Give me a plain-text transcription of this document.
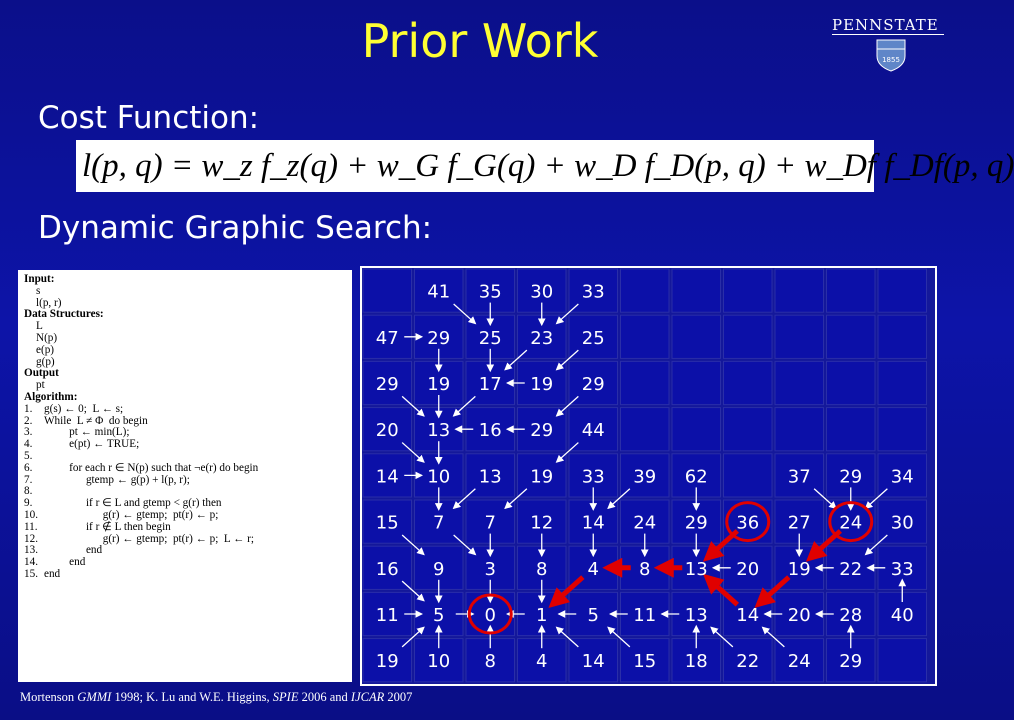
Prior Work	PENNSTATE
1855
Cost Function:
l(p, q) = w_z f_z(q) + w_G f_G(q) + w_D f_D(p, q) + w_Df f_Df(p, q)
Dynamic Graphic Search:
Input:
s
l(p, r)
Data Structures:
L
N(p)
e(p)
g(p)
Output
pt
Algorithm:
1. g(s) ← 0;  L ← s;
2. While  L ≠ Φ  do begin
3.         pt ← min(L);
4.         e(pt) ← TRUE;
5.
6.         for each r ∈ N(p) such that ¬e(r) do begin
7.               gtemp ← g(p) + l(p, r);
8.
9.               if r ∈ L and gtemp < g(r) then
10.                     g(r) ← gtemp;  pt(r) ← p;
11.               if r ∉ L then begin
12.                     g(r) ← gtemp;  pt(r) ← p;  L ← r;
13.               end
14.         end
15. end
41 35 30 33
47 29 25 23 25
29 19 17 19 29
20 13 16 29 44
14 10 13 19 33 39 62	37 29 34
15 7 7 12 14 24 29 36 27 24 30
16 9 3 8 4 8 13 20 19 22 33
11 5 0 1 5 11 13 14 20 28 40
19 10 8 4 14 15 18 22 24 29
Mortenson GMMI 1998; K. Lu and W.E. Higgins, SPIE 2006 and IJCAR 2007
